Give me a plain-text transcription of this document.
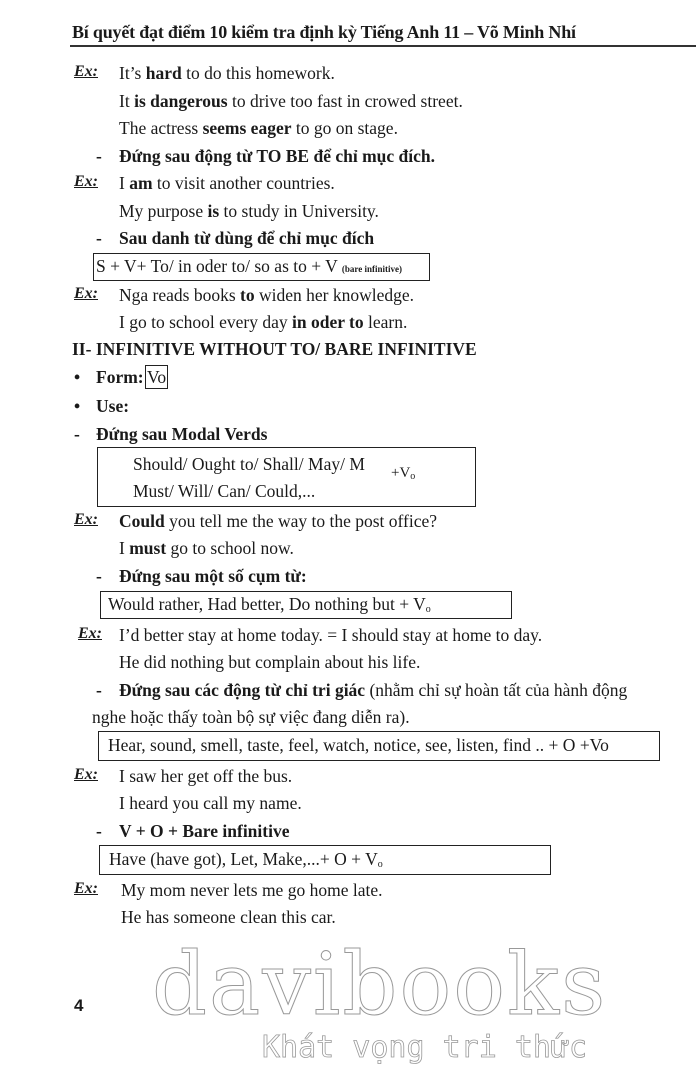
Bí quyết đạt điểm 10 kiểm tra định kỳ Tiếng Anh 11 – Võ Minh Nhí
Ex: It’s hard to do this homework.
It is dangerous to drive too fast in crowed street.
The actress seems eager to go on stage.
- Đứng sau động từ TO BE để chỉ mục đích.
Ex: I am to visit another countries.
My purpose is to study in University.
- Sau danh từ dùng để chỉ mục đích
S + V+ To/ in oder to/ so as to + V (bare infinitive)
Ex: Nga reads books to widen her knowledge.
I go to school every day in oder to learn.
II- INFINITIVE WITHOUT TO/ BARE INFINITIVE
• Form: Vo
• Use:
- Đứng sau Modal Verds
Should/ Ought to/ Shall/ May/ M
Must/ Will/ Can/ Could,...
$+V_o$
Ex: Could you tell me the way to the post office?
I must go to school now.
- Đứng sau một số cụm từ:
Would rather, Had better, Do nothing but + $V_o$
Ex: I’d better stay at home today. = I should stay at home to day.
He did nothing but complain about his life.
- Đứng sau các động từ chỉ tri giác (nhằm chỉ sự hoàn tất của hành động
nghe hoặc thấy toàn bộ sự việc đang diễn ra).
Hear, sound, smell, taste, feel, watch, notice, see, listen, find .. + O +Vo
Ex: I saw her get off the bus.
I heard you call my name.
- V + O + Bare infinitive
Have (have got), Let, Make,...+ $O + V_o$
Ex: My mom never lets me go home late.
He has someone clean this car.
davibooks
Khát vọng tri thức
4
